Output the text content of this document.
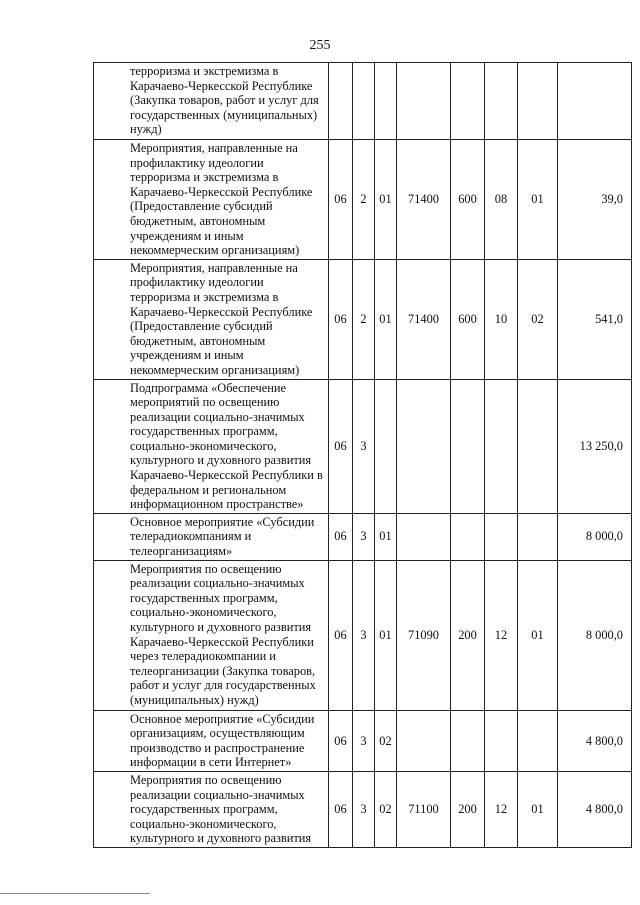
255
терроризма и экстремизма в Карачаево-Черкесской Республике (Закупка товаров, работ и услуг для государственных (муниципальных) нужд)								
Мероприятия, направленные на профилактику идеологии терроризма и экстремизма в Карачаево-Черкесской Республике (Предоставление субсидий бюджетным, автономным учреждениям и иным некоммерческим организациям)	06	2	01	71400	600	08	01	39,0
Мероприятия, направленные на профилактику идеологии терроризма и экстремизма в Карачаево-Черкесской Республике (Предоставление субсидий бюджетным, автономным учреждениям и иным некоммерческим организациям)	06	2	01	71400	600	10	02	541,0
Подпрограмма «Обеспечение мероприятий по освещению реализации социально-значимых государственных программ, социально-экономического, культурного и духовного развития Карачаево-Черкесской Республики в федеральном и региональном информационном пространстве»	06	3						13 250,0
Основное мероприятие «Субсидии телерадиокомпаниям и телеорганизациям»	06	3	01					8 000,0
Мероприятия по освещению реализации социально-значимых государственных программ, социально-экономического, культурного и духовного развития Карачаево-Черкесской Республики через телерадиокомпании и телеорганизации (Закупка товаров, работ и услуг для государственных (муниципальных) нужд)	06	3	01	71090	200	12	01	8 000,0
Основное мероприятие «Субсидии организациям, осуществляющим производство и распространение информации в сети Интернет»	06	3	02					4 800,0
Мероприятия по освещению реализации социально-значимых государственных программ, социально-экономического, культурного и духовного развития	06	3	02	71100	200	12	01	4 800,0
